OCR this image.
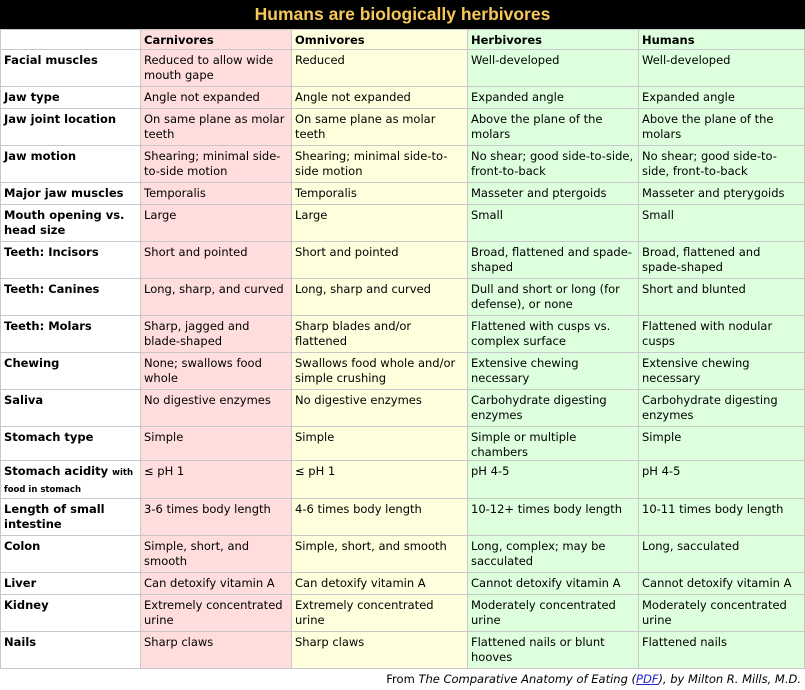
Humans are biologically herbivores
	Carnivores	Omnivores	Herbivores	Humans
Facial muscles	Reduced to allow wide mouth gape	Reduced	Well-developed	Well-developed
Jaw type	Angle not expanded	Angle not expanded	Expanded angle	Expanded angle
Jaw joint location	On same plane as molar teeth	On same plane as molar teeth	Above the plane of the molars	Above the plane of the molars
Jaw motion	Shearing; minimal side-to-side motion	Shearing; minimal side-to-side motion	No shear; good side-to-side, front-to-back	No shear; good side-to-side, front-to-back
Major jaw muscles	Temporalis	Temporalis	Masseter and ptergoids	Masseter and pterygoids
Mouth opening vs. head size	Large	Large	Small	Small
Teeth: Incisors	Short and pointed	Short and pointed	Broad, flattened and spade-shaped	Broad, flattened and spade-shaped
Teeth: Canines	Long, sharp, and curved	Long, sharp and curved	Dull and short or long (for defense), or none	Short and blunted
Teeth: Molars	Sharp, jagged and blade-shaped	Sharp blades and/or flattened	Flattened with cusps vs. complex surface	Flattened with nodular cusps
Chewing	None; swallows food whole	Swallows food whole and/or simple crushing	Extensive chewing necessary	Extensive chewing necessary
Saliva	No digestive enzymes	No digestive enzymes	Carbohydrate digesting enzymes	Carbohydrate digesting enzymes
Stomach type	Simple	Simple	Simple or multiple chambers	Simple
Stomach acidity with food in stomach	≤ pH 1	≤ pH 1	pH 4-5	pH 4-5
Length of small intestine	3-6 times body length	4-6 times body length	10-12+ times body length	10-11 times body length
Colon	Simple, short, and smooth	Simple, short, and smooth	Long, complex; may be sacculated	Long, sacculated
Liver	Can detoxify vitamin A	Can detoxify vitamin A	Cannot detoxify vitamin A	Cannot detoxify vitamin A
Kidney	Extremely concentrated urine	Extremely concentrated urine	Moderately concentrated urine	Moderately concentrated urine
Nails	Sharp claws	Sharp claws	Flattened nails or blunt hooves	Flattened nails
From The Comparative Anatomy of Eating (PDF), by Milton R. Mills, M.D.
